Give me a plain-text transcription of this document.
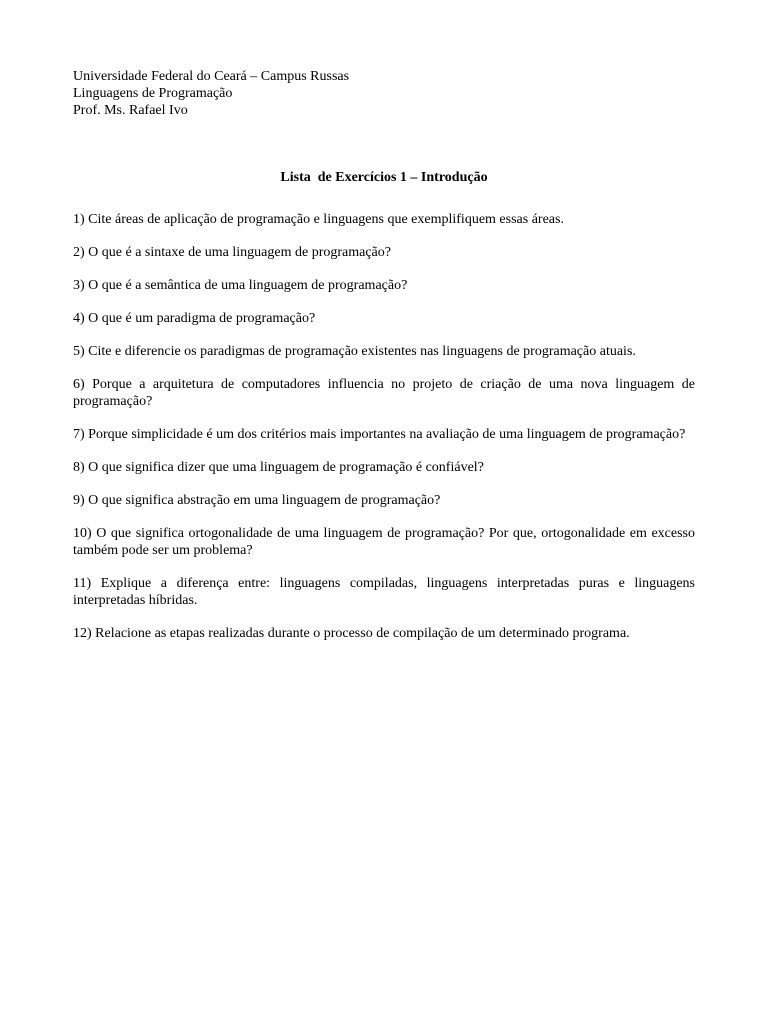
Universidade Federal do Ceará – Campus Russas
Linguagens de Programação
Prof. Ms. Rafael Ivo
Lista  de Exercícios 1 – Introdução

1) Cite áreas de aplicação de programação e linguagens que exemplifiquem essas áreas.

2) O que é a sintaxe de uma linguagem de programação?

3) O que é a semântica de uma linguagem de programação?

4) O que é um paradigma de programação?

5) Cite e diferencie os paradigmas de programação existentes nas linguagens de programação atuais.

6) Porque a arquitetura de computadores influencia no projeto de criação de uma nova linguagem de programação?

7) Porque simplicidade é um dos critérios mais importantes na avaliação de uma linguagem de programação?

8) O que significa dizer que uma linguagem de programação é confiável?

9) O que significa abstração em uma linguagem de programação?

10) O que significa ortogonalidade de uma linguagem de programação? Por que, ortogonalidade em excesso também pode ser um problema?

11) Explique a diferença entre: linguagens compiladas, linguagens interpretadas puras e linguagens interpretadas híbridas.

12) Relacione as etapas realizadas durante o processo de compilação de um determinado programa.
